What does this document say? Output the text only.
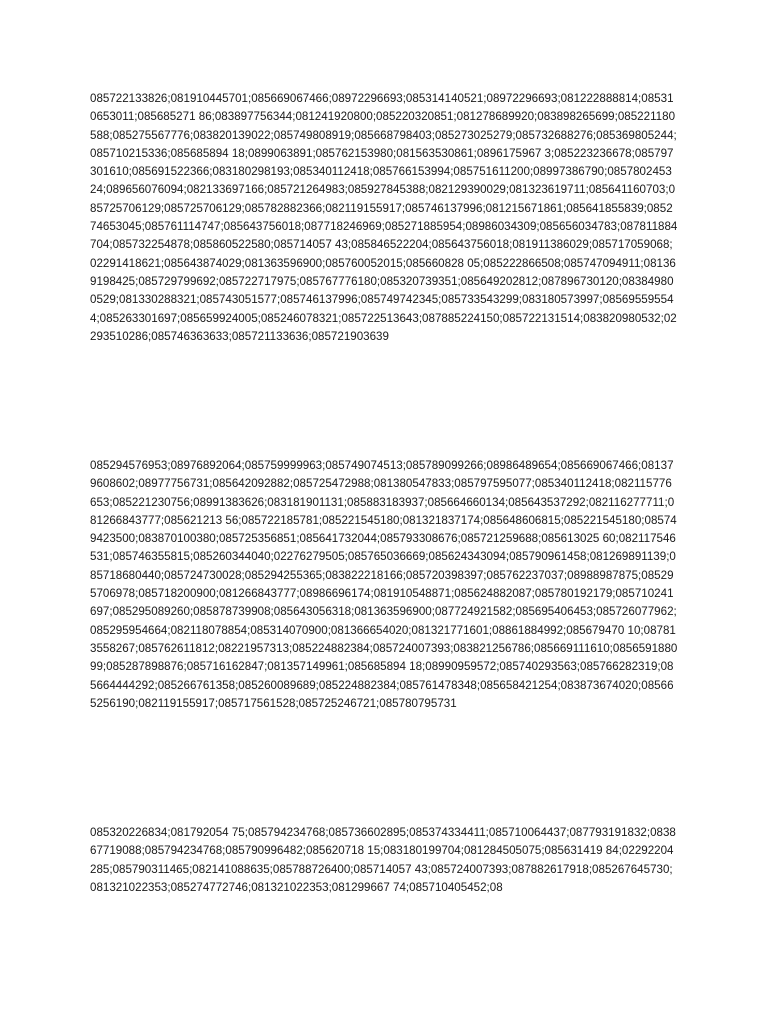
085722133826;081910445701;085669067466;08972296693;085314140521;08972296693;081222888814;085310653011;085685271 86;083897756344;081241920800;085220320851;081278689920;083898265699;085221180588;085275567776;083820139022;085749808919;085668798403;085273025279;085732688276;085369805244;085710215336;085685894 18;0899063891;085762153980;081563530861;0896175967 3;085223236678;085797301610;085691522366;083180298193;085340112418;085766153994;085751611200;08997386790;085780245324;089656076094;082133697166;085721264983;085927845388;082129390029;081323619711;085641160703;085725706129;085725706129;085782882366;082119155917;085746137996;081215671861;085641855839;085274653045;085761114747;085643756018;087718246969;085271885954;08986034309;085656034783;087811884704;085732254878;085860522580;085714057 43;085846522204;085643756018;081911386029;085717059068;02291418621;085643874029;081363596900;085760052015;085660828 05;085222866508;085747094911;081369198425;085729799692;085722717975;085767776180;085320739351;085649202812;087896730120;083849800529;081330288321;085743051577;085746137996;085749742345;085733543299;083180573997;085695595544;085263301697;085659924005;085246078321;085722513643;087885224150;085722131514;083820980532;02293510286;085746363633;085721133636;085721903639

085294576953;08976892064;085759999963;085749074513;085789099266;08986489654;085669067466;081379608602;08977756731;085642092882;085725472988;081380547833;085797595077;085340112418;082115776653;085221230756;08991383626;083181901131;085883183937;085664660134;085643537292;082116277711;081266843777;085621213 56;085722185781;085221545180;081321837174;085648606815;085221545180;085749423500;083870100380;085725356851;085641732044;085793308676;085721259688;085613025 60;082117546531;085746355815;085260344040;02276279505;085765036669;085624343094;085790961458;081269891139;085718680440;085724730028;085294255365;083822218166;085720398397;085762237037;08988987875;085295706978;085718200900;081266843777;08986696174;081910548871;085624882087;085780192179;085710241697;085295089260;085878739908;085643056318;081363596900;087724921582;085695406453;085726077962;085295954664;082118078854;085314070900;081366654020;081321771601;08861884992;085679470 10;087813558267;085762611812;08221957313;085224882384;085724007393;083821256786;085669111610;085659188099;085287898876;085716162847;081357149961;085685894 18;08990959572;085740293563;085766282319;085664444292;085266761358;085260089689;085224882384;085761478348;085658421254;083873674020;085665256190;082119155917;085717561528;085725246721;085780795731

085320226834;081792054 75;085794234768;085736602895;085374334411;085710064437;087793191832;083867719088;085794234768;085790996482;085620718 15;083180199704;081284505075;085631419 84;02292204285;085790311465;082141088635;085788726400;085714057 43;085724007393;087882617918;085267645730;081321022353;085274772746;081321022353;081299667 74;085710405452;08
